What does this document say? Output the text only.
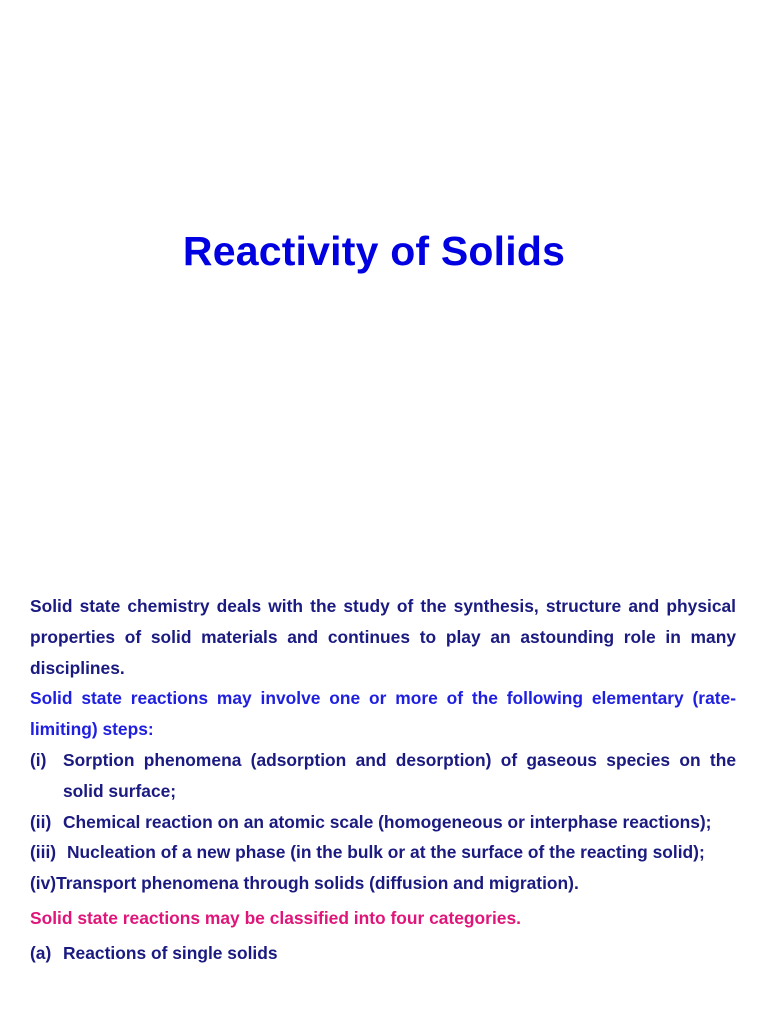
Reactivity of Solids

Solid state chemistry deals with the study of the synthesis, structure and physical properties of solid materials and continues to play an astounding role in many disciplines.

Solid state reactions may involve one or more of the following elementary (rate-limiting) steps:

(i) Sorption phenomena (adsorption and desorption) of gaseous species on the solid surface;
(ii) Chemical reaction on an atomic scale (homogeneous or interphase reactions);
(iii) Nucleation of a new phase (in the bulk or at the surface of the reacting solid);
(iv) Transport phenomena through solids (diffusion and migration).

Solid state reactions may be classified into four categories.

(a) Reactions of single solids
